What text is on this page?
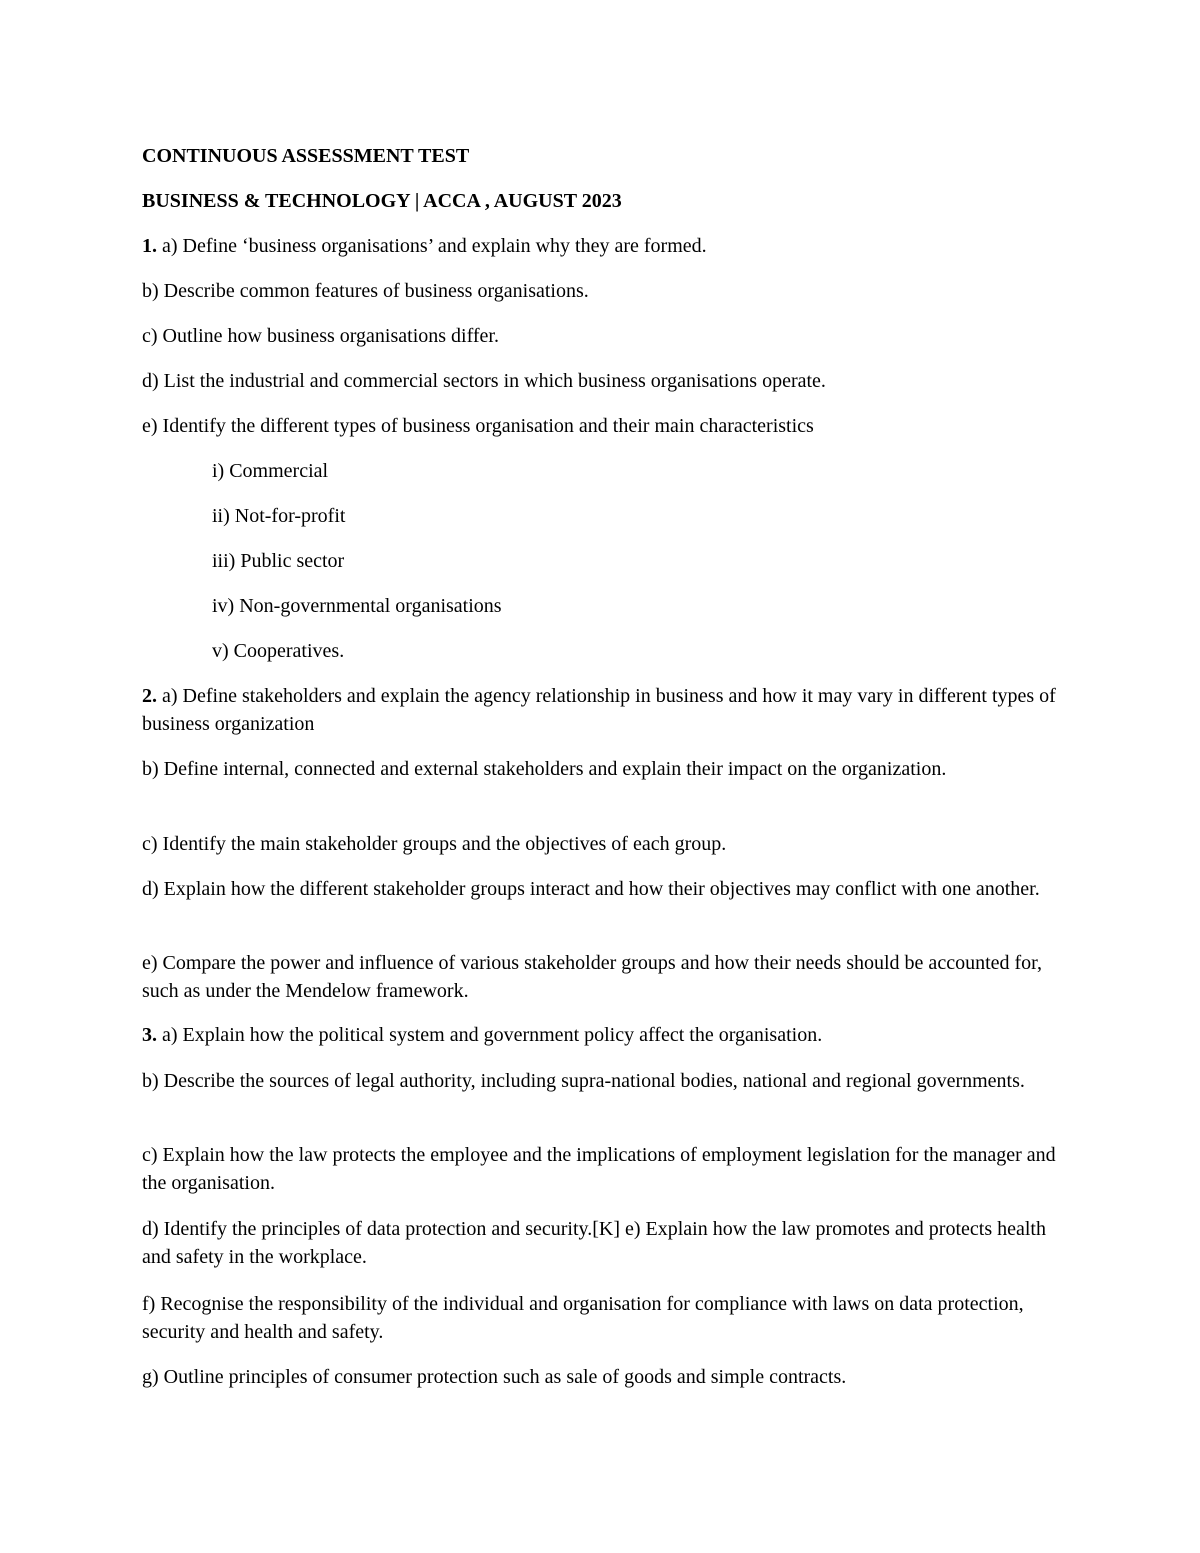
CONTINUOUS ASSESSMENT TEST
BUSINESS & TECHNOLOGY | ACCA , AUGUST 2023
1. a) Define ‘business organisations’ and explain why they are formed.
b) Describe common features of business organisations.
c) Outline how business organisations differ.
d) List the industrial and commercial sectors in which business organisations operate.
e) Identify the different types of business organisation and their main characteristics
i) Commercial
ii) Not-for-profit
iii) Public sector
iv) Non-governmental organisations
v) Cooperatives.
2. a) Define stakeholders and explain the agency relationship in business and how it may vary in different types of business organization
b) Define internal, connected and external stakeholders and explain their impact on the organization.
c) Identify the main stakeholder groups and the objectives of each group.
d) Explain how the different stakeholder groups interact and how their objectives may conflict with one another.
e) Compare the power and influence of various stakeholder groups and how their needs should be accounted for, such as under the Mendelow framework.
3. a) Explain how the political system and government policy affect the organisation.
b) Describe the sources of legal authority, including supra-national bodies, national and regional governments.
c) Explain how the law protects the employee and the implications of employment legislation for the manager and the organisation.
d) Identify the principles of data protection and security.[K] e) Explain how the law promotes and protects health and safety in the workplace.
f) Recognise the responsibility of the individual and organisation for compliance with laws on data protection, security and health and safety.
g) Outline principles of consumer protection such as sale of goods and simple contracts.
